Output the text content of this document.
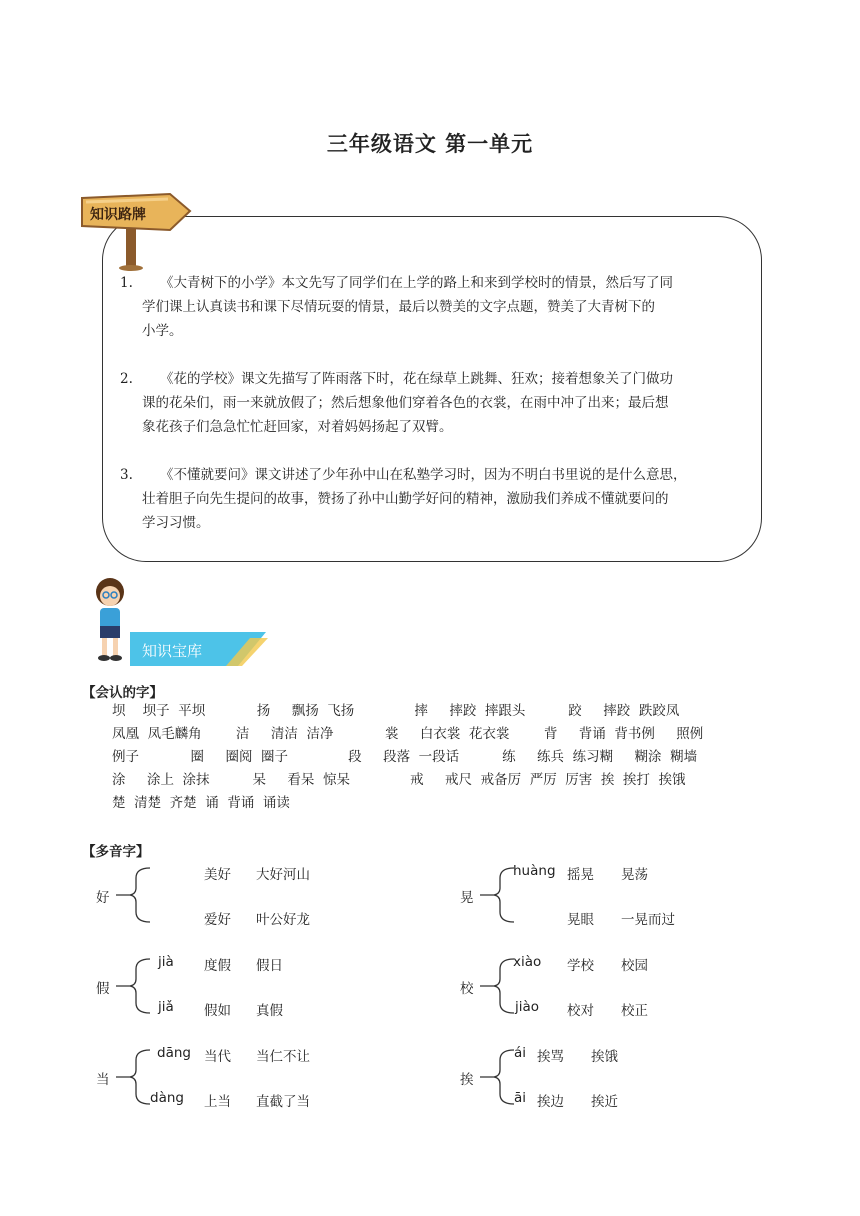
三年级语文 第一单元
知识路牌
1. 《大青树下的小学》本文先写了同学们在上学的路上和来到学校时的情景，然后写了同
学们课上认真读书和课下尽情玩耍的情景，最后以赞美的文字点题，赞美了大青树下的
小学。
2. 《花的学校》课文先描写了阵雨落下时，花在绿草上跳舞、狂欢；接着想象关了门做功
课的花朵们，雨一来就放假了；然后想象他们穿着各色的衣裳，在雨中冲了出来；最后想
象花孩子们急急忙忙赶回家，对着妈妈扬起了双臂。
3. 《不懂就要问》课文讲述了少年孙中山在私塾学习时，因为不明白书里说的是什么意思，
壮着胆子向先生提问的故事，赞扬了孙中山勤学好问的精神，激励我们养成不懂就要问的
学习习惯。
知识宝库
【会认的字】
坝    坝子  平坝            扬     飘扬  飞扬              摔     摔跤  摔跟头          跤     摔跤  跌跤凤
凤凰  凤毛麟角        洁     清洁  洁净            裳     白衣裳  花衣裳        背     背诵  背书例     照例
例子            圈     圈阅  圈子              段     段落  一段话          练     练兵  练习糊     糊涂  糊墙
涂     涂上  涂抹          呆     看呆  惊呆              戒     戒尺  戒备厉  严厉  厉害  挨  挨打  挨饿
楚  清楚  齐楚  诵  背诵  诵读
【多音字】
好
美好 大好河山
爱好 叶公好龙
晃
huàng 摇晃 晃荡
晃眼 一晃而过
假
jià 度假 假日
jiǎ 假如 真假
校
xiào 学校 校园
jiào 校对 校正
当
dāng 当代 当仁不让
dàng 上当 直截了当
挨
ái 挨骂 挨饿
āi 挨边 挨近
